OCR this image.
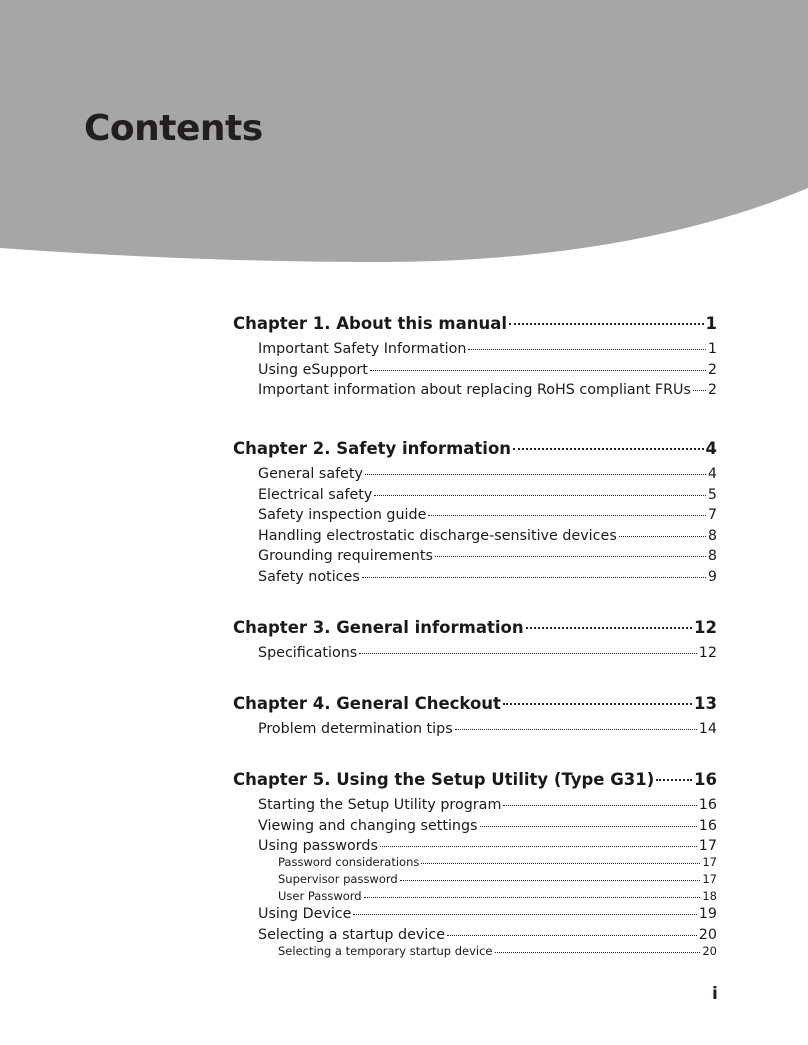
Contents
Chapter 1. About this manual	1
Important Safety Information	1
Using eSupport	2
Important information about replacing RoHS compliant FRUs 2
Chapter 2. Safety information	4
General safety	4
Electrical safety	5
Safety inspection guide	7
Handling electrostatic discharge-sensitive devices	8
Grounding requirements	8
Safety notices	9
Chapter 3. General information	12
Specifications	12
Chapter 4. General Checkout	13
Problem determination tips	14
Chapter 5. Using the Setup Utility (Type G31) 16
Starting the Setup Utility program	16
Viewing and changing settings	16
Using passwords	17
Password considerations	17
Supervisor password	17
User Password	18
Using Device	19
Selecting a startup device	20
Selecting a temporary startup device	20
i
